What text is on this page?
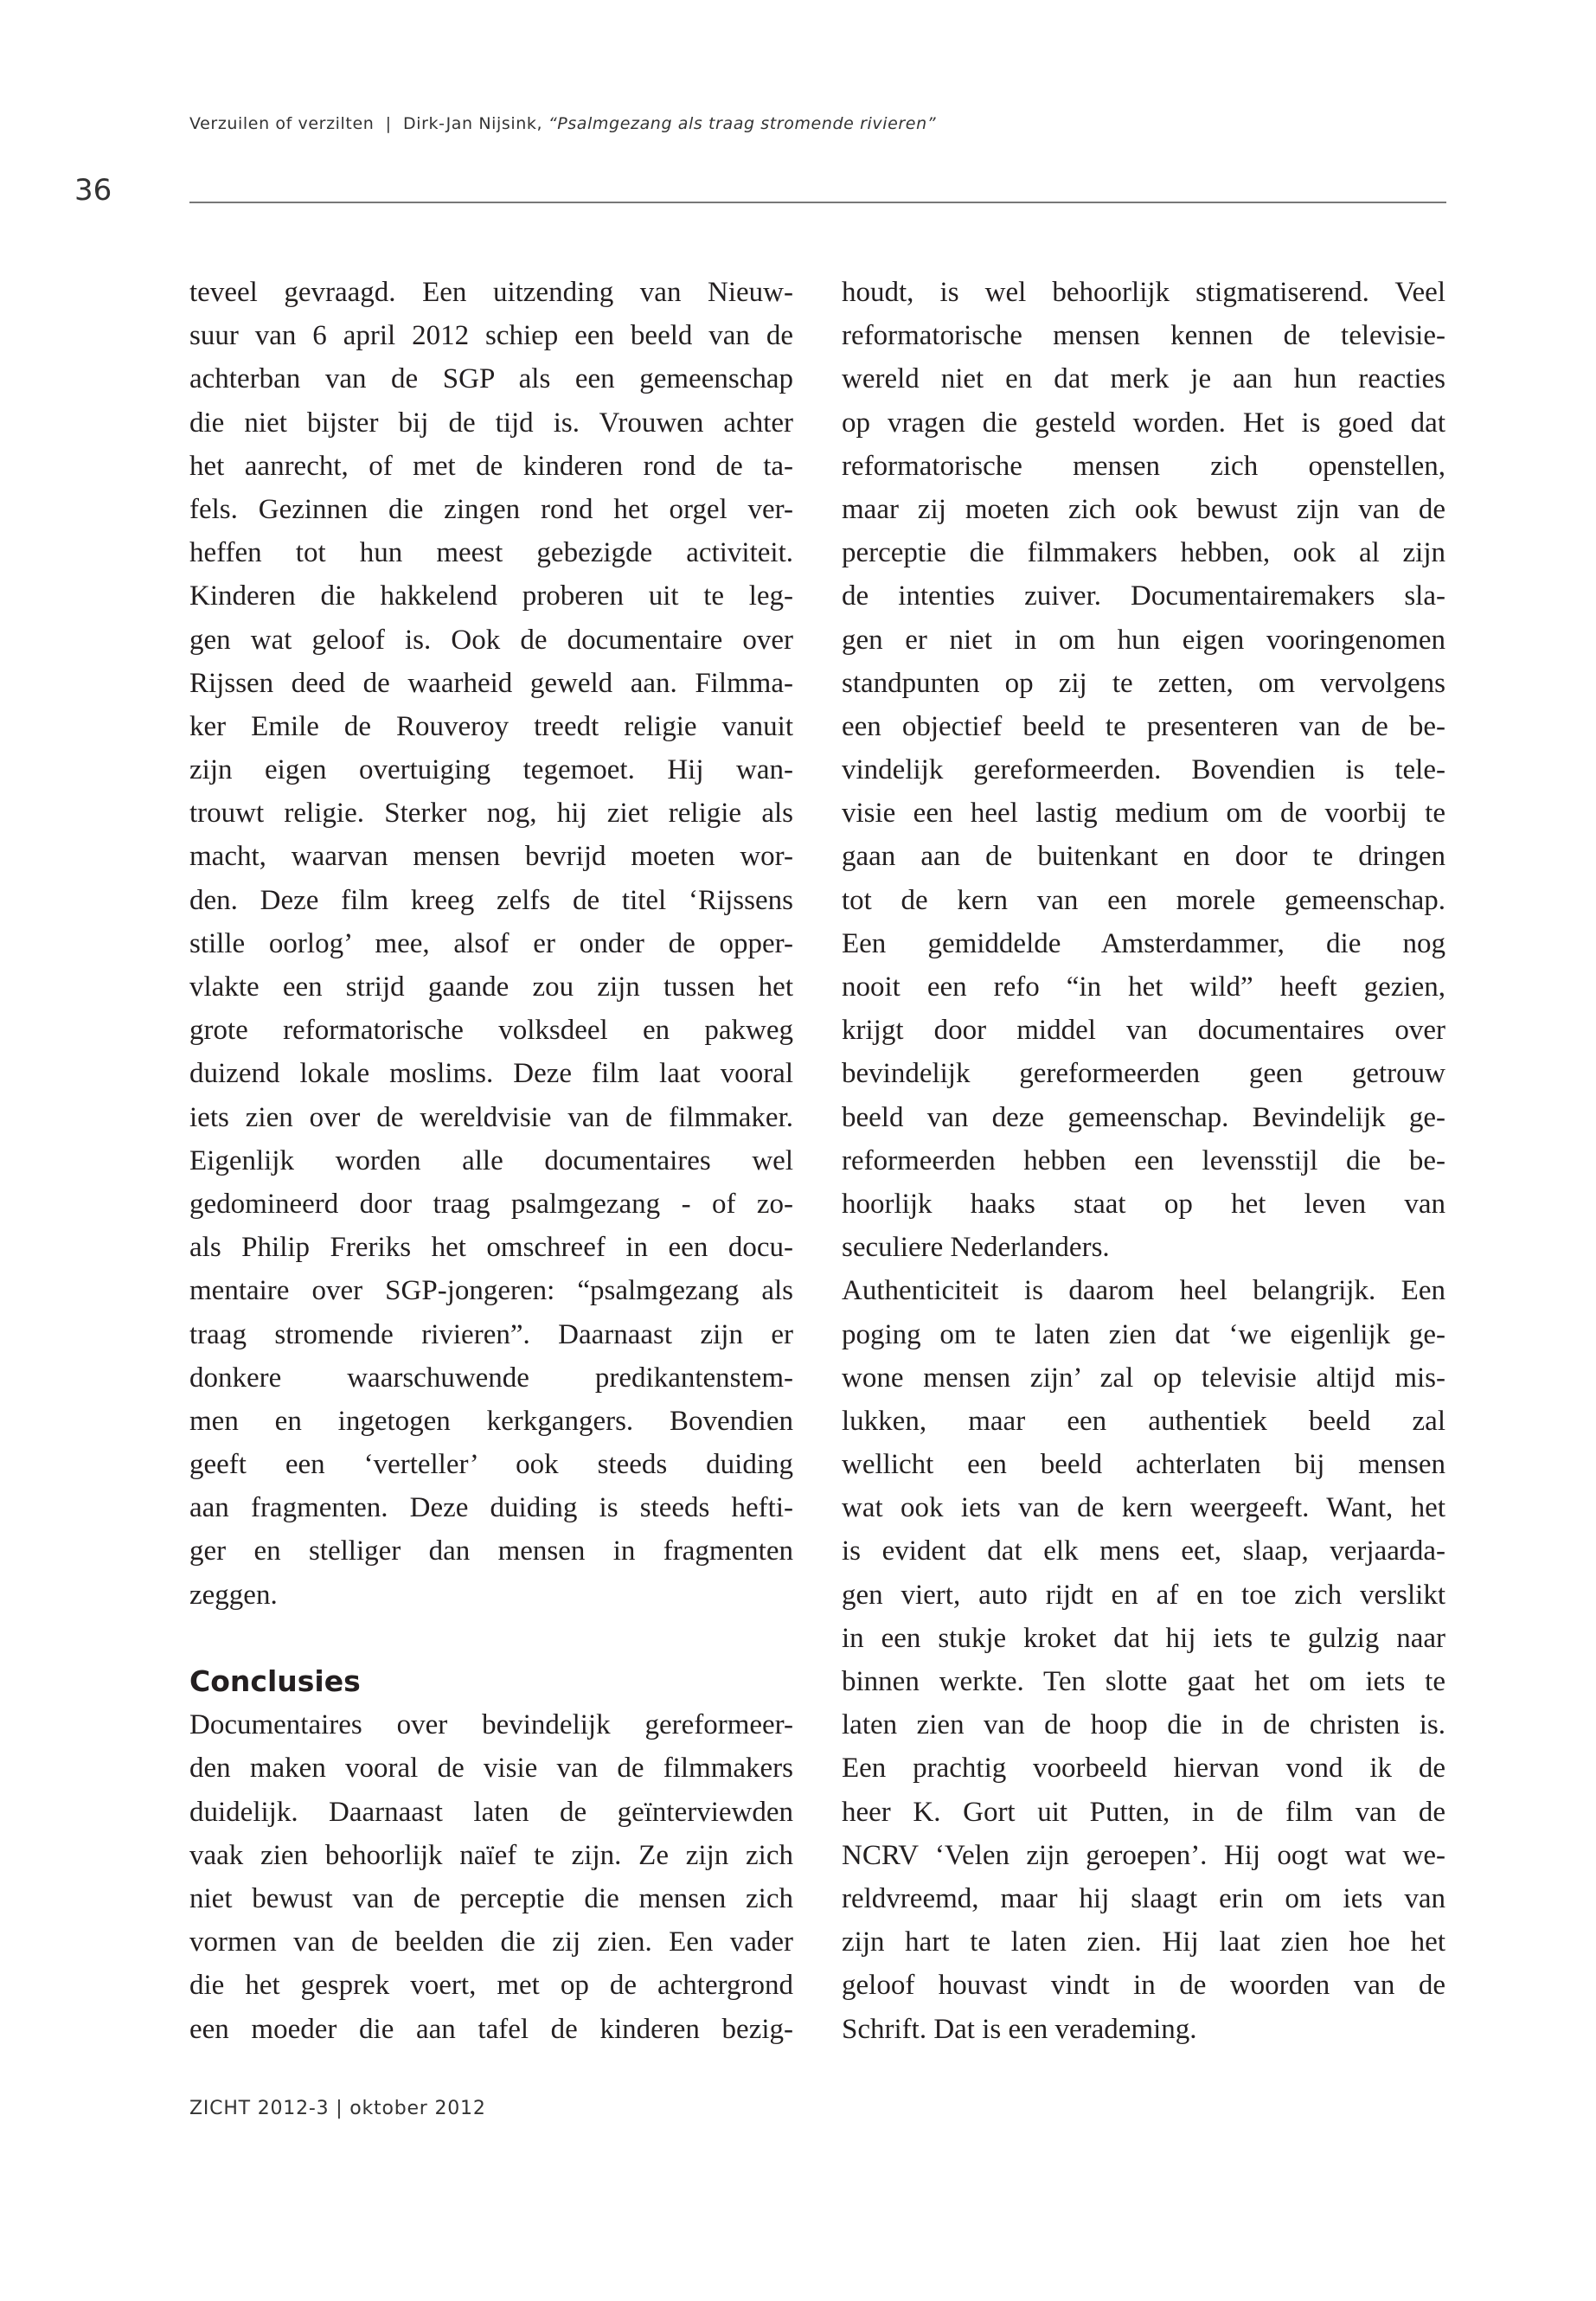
Verzuilen of verzilten | Dirk-Jan Nijsink, “Psalmgezang als traag stromende rivieren”
36
teveel gevraagd. Een uitzending van Nieuw-
suur van 6 april 2012 schiep een beeld van de
achterban van de SGP als een gemeenschap
die niet bijster bij de tijd is. Vrouwen achter
het aanrecht, of met de kinderen rond de ta-
fels. Gezinnen die zingen rond het orgel ver-
heffen tot hun meest gebezigde activiteit.
Kinderen die hakkelend proberen uit te leg-
gen wat geloof is. Ook de documentaire over
Rijssen deed de waarheid geweld aan. Filmma-
ker Emile de Rouveroy treedt religie vanuit
zijn eigen overtuiging tegemoet. Hij wan-
trouwt religie. Sterker nog, hij ziet religie als
macht, waarvan mensen bevrijd moeten wor-
den. Deze film kreeg zelfs de titel ‘Rijssens
stille oorlog’ mee, alsof er onder de opper-
vlakte een strijd gaande zou zijn tussen het
grote reformatorische volksdeel en pakweg
duizend lokale moslims. Deze film laat vooral
iets zien over de wereldvisie van de filmmaker.
Eigenlijk worden alle documentaires wel
gedomineerd door traag psalmgezang - of zo-
als Philip Freriks het omschreef in een docu-
mentaire over SGP-jongeren: “psalmgezang als
traag stromende rivieren”. Daarnaast zijn er
donkere waarschuwende predikantenstem-
men en ingetogen kerkgangers. Bovendien
geeft een ‘verteller’ ook steeds duiding
aan fragmenten. Deze duiding is steeds hefti-
ger en stelliger dan mensen in fragmenten
zeggen.
Conclusies
Documentaires over bevindelijk gereformeer-
den maken vooral de visie van de filmmakers
duidelijk. Daarnaast laten de geïnterviewden
vaak zien behoorlijk naïef te zijn. Ze zijn zich
niet bewust van de perceptie die mensen zich
vormen van de beelden die zij zien. Een vader
die het gesprek voert, met op de achtergrond
een moeder die aan tafel de kinderen bezig-
houdt, is wel behoorlijk stigmatiserend. Veel
reformatorische mensen kennen de televisie-
wereld niet en dat merk je aan hun reacties
op vragen die gesteld worden. Het is goed dat
reformatorische mensen zich openstellen,
maar zij moeten zich ook bewust zijn van de
perceptie die filmmakers hebben, ook al zijn
de intenties zuiver. Documentairemakers sla-
gen er niet in om hun eigen vooringenomen
standpunten op zij te zetten, om vervolgens
een objectief beeld te presenteren van de be-
vindelijk gereformeerden. Bovendien is tele-
visie een heel lastig medium om de voorbij te
gaan aan de buitenkant en door te dringen
tot de kern van een morele gemeenschap.
Een gemiddelde Amsterdammer, die nog
nooit een refo “in het wild” heeft gezien,
krijgt door middel van documentaires over
bevindelijk gereformeerden geen getrouw
beeld van deze gemeenschap. Bevindelijk ge-
reformeerden hebben een levensstijl die be-
hoorlijk haaks staat op het leven van
seculiere Nederlanders.
Authenticiteit is daarom heel belangrijk. Een
poging om te laten zien dat ‘we eigenlijk ge-
wone mensen zijn’ zal op televisie altijd mis-
lukken, maar een authentiek beeld zal
wellicht een beeld achterlaten bij mensen
wat ook iets van de kern weergeeft. Want, het
is evident dat elk mens eet, slaap, verjaarda-
gen viert, auto rijdt en af en toe zich verslikt
in een stukje kroket dat hij iets te gulzig naar
binnen werkte. Ten slotte gaat het om iets te
laten zien van de hoop die in de christen is.
Een prachtig voorbeeld hiervan vond ik de
heer K. Gort uit Putten, in de film van de
NCRV ‘Velen zijn geroepen’. Hij oogt wat we-
reldvreemd, maar hij slaagt erin om iets van
zijn hart te laten zien. Hij laat zien hoe het
geloof houvast vindt in de woorden van de
Schrift. Dat is een verademing.
ZICHT 2012-3 | oktober 2012
